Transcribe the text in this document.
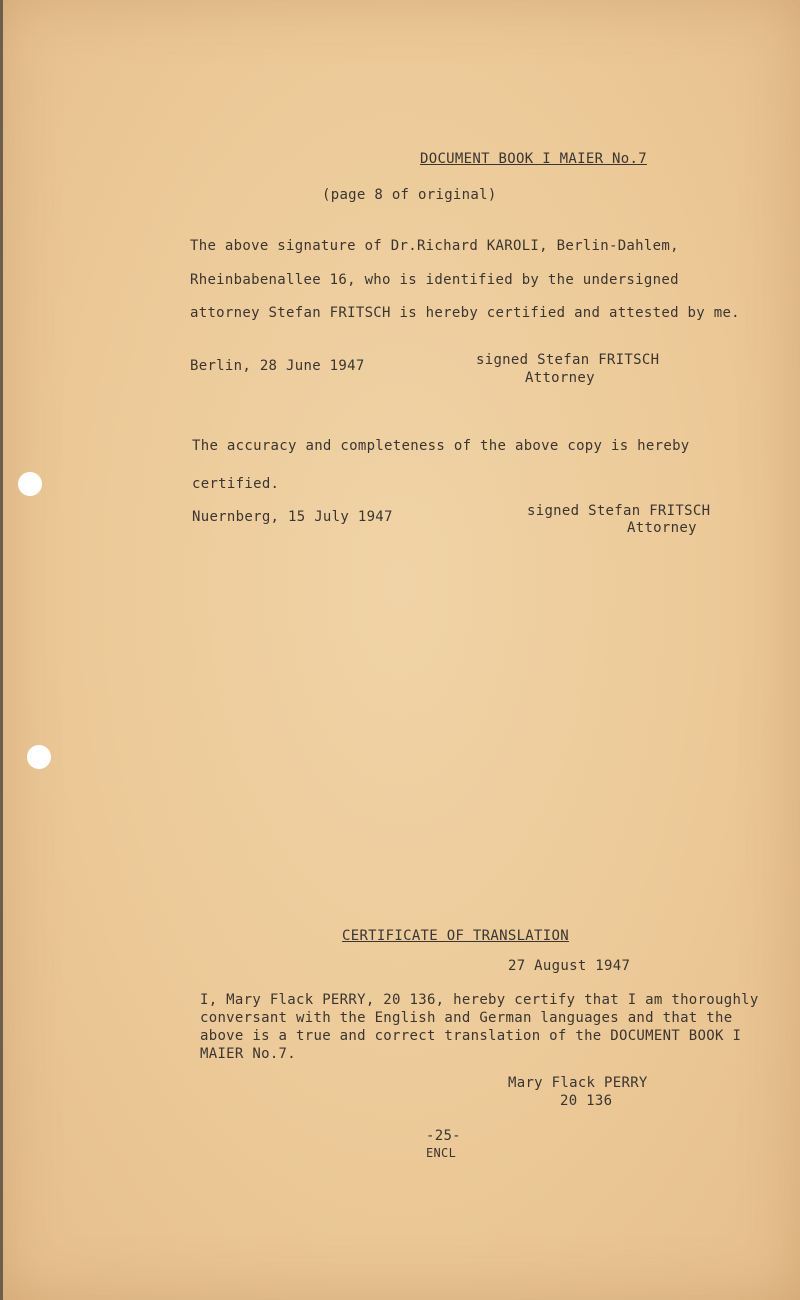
DOCUMENT BOOK I MAIER No.7
(page 8 of original)
The above signature of Dr.Richard KAROLI, Berlin-Dahlem,
Rheinbabenallee 16, who is identified by the undersigned
attorney Stefan FRITSCH is hereby certified and attested by me.
Berlin, 28 June 1947	signed Stefan FRITSCH
Attorney
The accuracy and completeness of the above copy is hereby
certified.
Nuernberg, 15 July 1947	signed Stefan FRITSCH
Attorney
CERTIFICATE OF TRANSLATION
27 August 1947
I, Mary Flack PERRY, 20 136, hereby certify that I am thoroughly
conversant with the English and German languages and that the
above is a true and correct translation of the DOCUMENT BOOK I
MAIER No.7.
Mary Flack PERRY
20 136
-25-
ENCL
